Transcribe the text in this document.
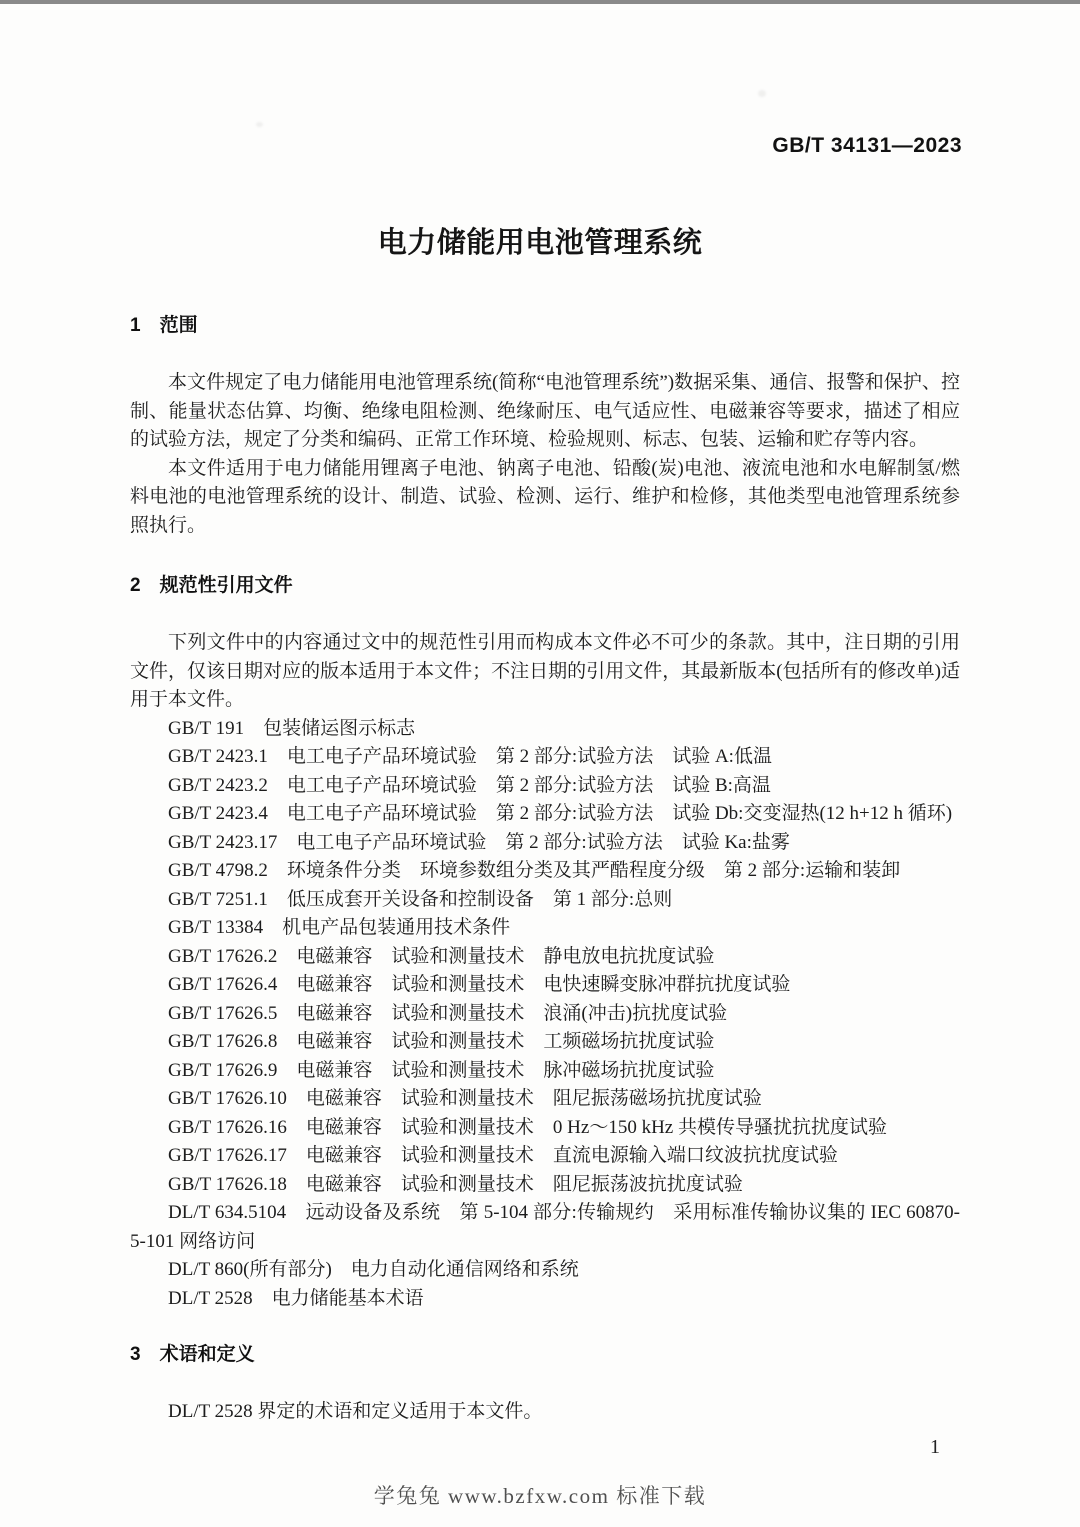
GB/T 34131—2023
电力储能用电池管理系统
1　范围

本文件规定了电力储能用电池管理系统(简称“电池管理系统”)数据采集、通信、报警和保护、控制、能量状态估算、均衡、绝缘电阻检测、绝缘耐压、电气适应性、电磁兼容等要求，描述了相应的试验方法，规定了分类和编码、正常工作环境、检验规则、标志、包装、运输和贮存等内容。

本文件适用于电力储能用锂离子电池、钠离子电池、铅酸(炭)电池、液流电池和水电解制氢/燃料电池的电池管理系统的设计、制造、试验、检测、运行、维护和检修，其他类型电池管理系统参照执行。

2　规范性引用文件

下列文件中的内容通过文中的规范性引用而构成本文件必不可少的条款。其中，注日期的引用文件，仅该日期对应的版本适用于本文件；不注日期的引用文件，其最新版本(包括所有的修改单)适用于本文件。

GB/T 191　包装储运图示标志

GB/T 2423.1　电工电子产品环境试验　第 2 部分:试验方法　试验 A:低温

GB/T 2423.2　电工电子产品环境试验　第 2 部分:试验方法　试验 B:高温

GB/T 2423.4　电工电子产品环境试验　第 2 部分:试验方法　试验 Db:交变湿热(12 h+12 h 循环)

GB/T 2423.17　电工电子产品环境试验　第 2 部分:试验方法　试验 Ka:盐雾

GB/T 4798.2　环境条件分类　环境参数组分类及其严酷程度分级　第 2 部分:运输和装卸

GB/T 7251.1　低压成套开关设备和控制设备　第 1 部分:总则

GB/T 13384　机电产品包装通用技术条件

GB/T 17626.2　电磁兼容　试验和测量技术　静电放电抗扰度试验

GB/T 17626.4　电磁兼容　试验和测量技术　电快速瞬变脉冲群抗扰度试验

GB/T 17626.5　电磁兼容　试验和测量技术　浪涌(冲击)抗扰度试验

GB/T 17626.8　电磁兼容　试验和测量技术　工频磁场抗扰度试验

GB/T 17626.9　电磁兼容　试验和测量技术　脉冲磁场抗扰度试验

GB/T 17626.10　电磁兼容　试验和测量技术　阻尼振荡磁场抗扰度试验

GB/T 17626.16　电磁兼容　试验和测量技术　0 Hz～150 kHz 共模传导骚扰抗扰度试验

GB/T 17626.17　电磁兼容　试验和测量技术　直流电源输入端口纹波抗扰度试验

GB/T 17626.18　电磁兼容　试验和测量技术　阻尼振荡波抗扰度试验

DL/T 634.5104　远动设备及系统　第 5-104 部分:传输规约　采用标准传输协议集的 IEC 60870-5-101 网络访问

DL/T 860(所有部分)　电力自动化通信网络和系统

DL/T 2528　电力储能基本术语

3　术语和定义

DL/T 2528 界定的术语和定义适用于本文件。

1
学兔兔 www.bzfxw.com 标准下载
